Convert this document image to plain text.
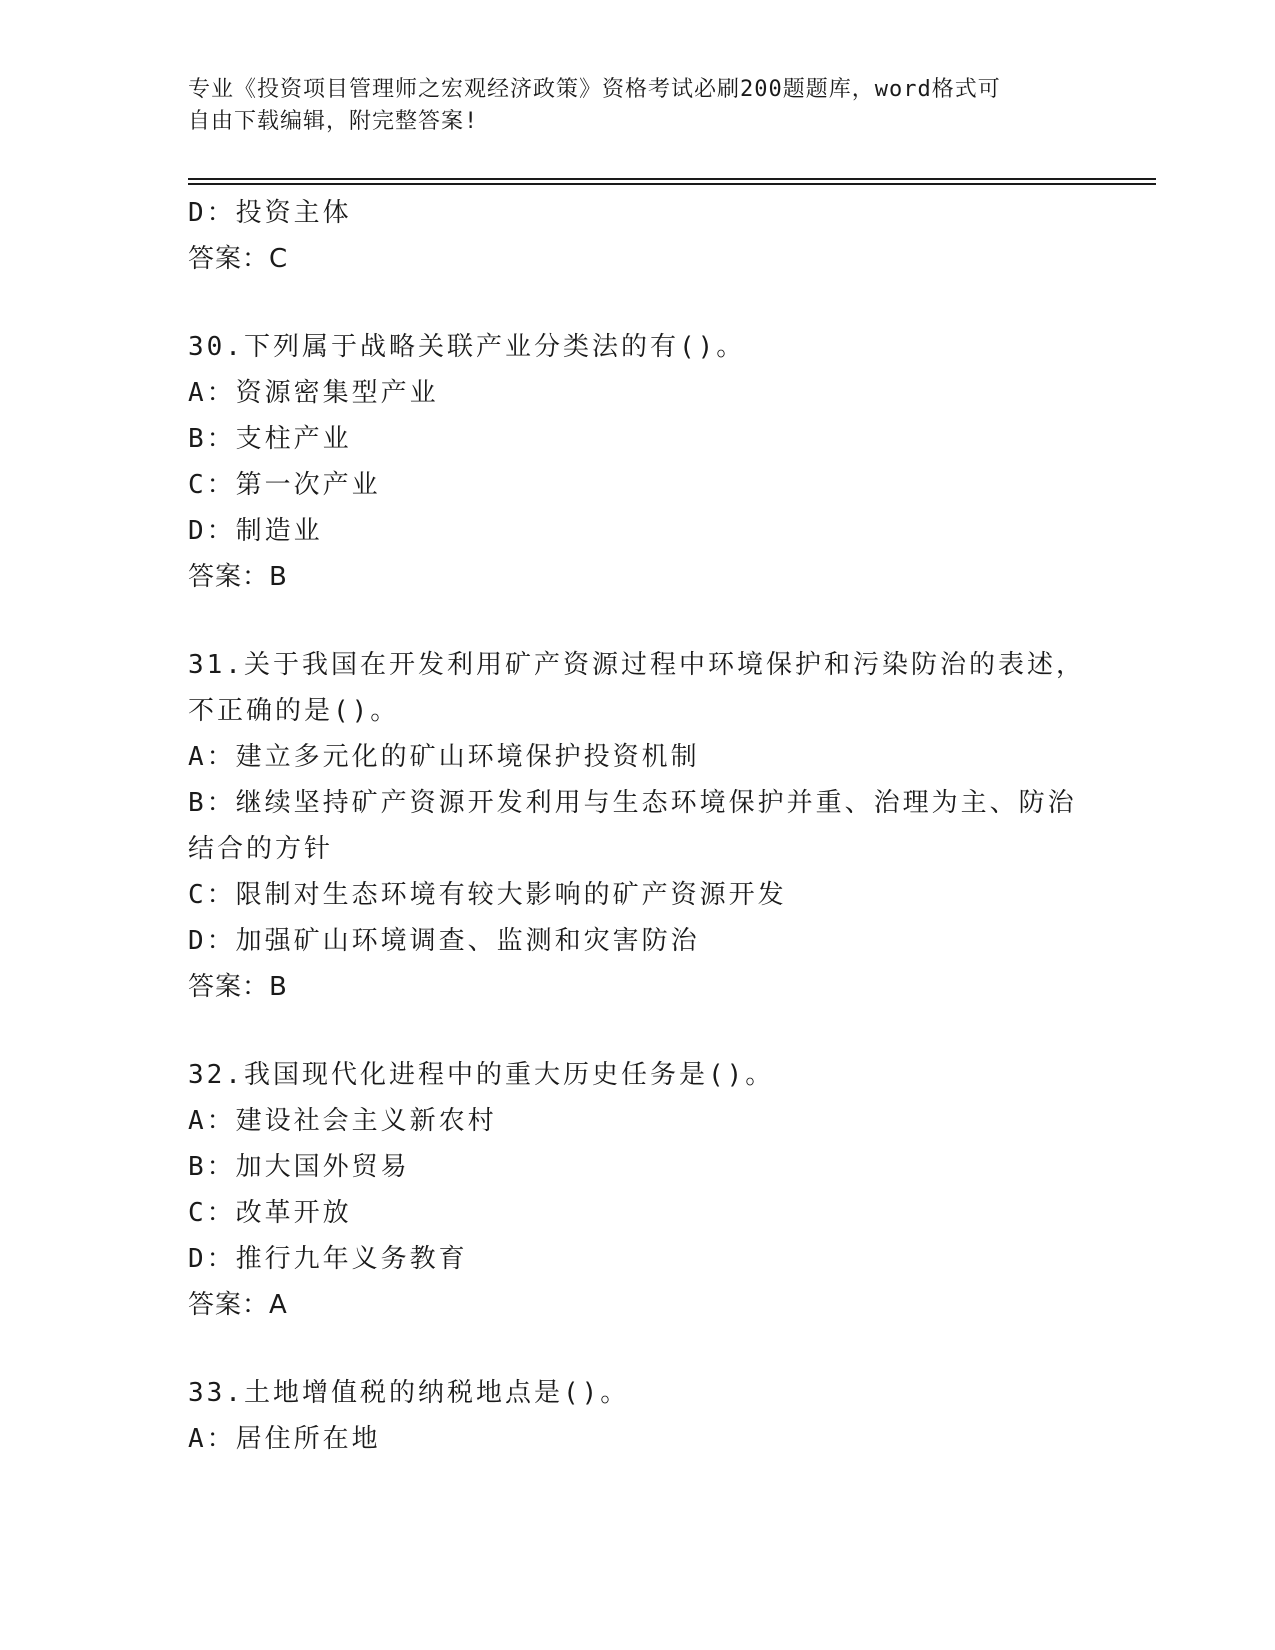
专业《投资项目管理师之宏观经济政策》资格考试必刷200题题库，word格式可
自由下载编辑，附完整答案!
D：投资主体
答案：C
30.下列属于战略关联产业分类法的有()。
A：资源密集型产业
B：支柱产业
C：第一次产业
D：制造业
答案：B
31.关于我国在开发利用矿产资源过程中环境保护和污染防治的表述，
不正确的是()。
A：建立多元化的矿山环境保护投资机制
B：继续坚持矿产资源开发利用与生态环境保护并重、治理为主、防治
结合的方针
C：限制对生态环境有较大影响的矿产资源开发
D：加强矿山环境调查、监测和灾害防治
答案：B
32.我国现代化进程中的重大历史任务是()。
A：建设社会主义新农村
B：加大国外贸易
C：改革开放
D：推行九年义务教育
答案：A
33.土地增值税的纳税地点是()。
A：居住所在地
